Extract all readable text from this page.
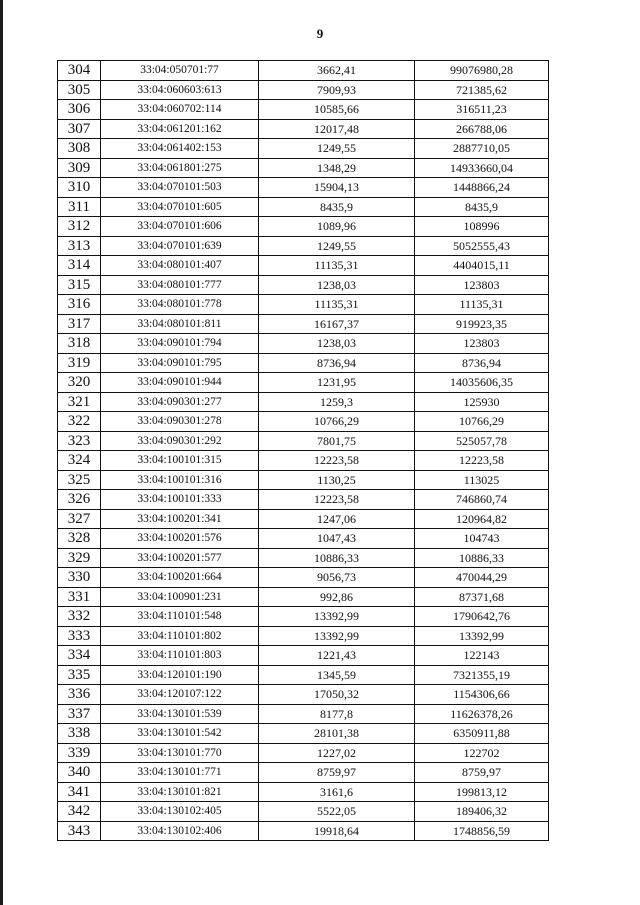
9
304	33:04:050701:77	3662,41	99076980,28
305	33:04:060603:613	7909,93	721385,62
306	33:04:060702:114	10585,66	316511,23
307	33:04:061201:162	12017,48	266788,06
308	33:04:061402:153	1249,55	2887710,05
309	33:04:061801:275	1348,29	14933660,04
310	33:04:070101:503	15904,13	1448866,24
311	33:04:070101:605	8435,9	8435,9
312	33:04:070101:606	1089,96	108996
313	33:04:070101:639	1249,55	5052555,43
314	33:04:080101:407	11135,31	4404015,11
315	33:04:080101:777	1238,03	123803
316	33:04:080101:778	11135,31	11135,31
317	33:04:080101:811	16167,37	919923,35
318	33:04:090101:794	1238,03	123803
319	33:04:090101:795	8736,94	8736,94
320	33:04:090101:944	1231,95	14035606,35
321	33:04:090301:277	1259,3	125930
322	33:04:090301:278	10766,29	10766,29
323	33:04:090301:292	7801,75	525057,78
324	33:04:100101:315	12223,58	12223,58
325	33:04:100101:316	1130,25	113025
326	33:04:100101:333	12223,58	746860,74
327	33:04:100201:341	1247,06	120964,82
328	33:04:100201:576	1047,43	104743
329	33:04:100201:577	10886,33	10886,33
330	33:04:100201:664	9056,73	470044,29
331	33:04:100901:231	992,86	87371,68
332	33:04:110101:548	13392,99	1790642,76
333	33:04:110101:802	13392,99	13392,99
334	33:04:110101:803	1221,43	122143
335	33:04:120101:190	1345,59	7321355,19
336	33:04:120107:122	17050,32	1154306,66
337	33:04:130101:539	8177,8	11626378,26
338	33:04:130101:542	28101,38	6350911,88
339	33:04:130101:770	1227,02	122702
340	33:04:130101:771	8759,97	8759,97
341	33:04:130101:821	3161,6	199813,12
342	33:04:130102:405	5522,05	189406,32
343	33:04:130102:406	19918,64	1748856,59
